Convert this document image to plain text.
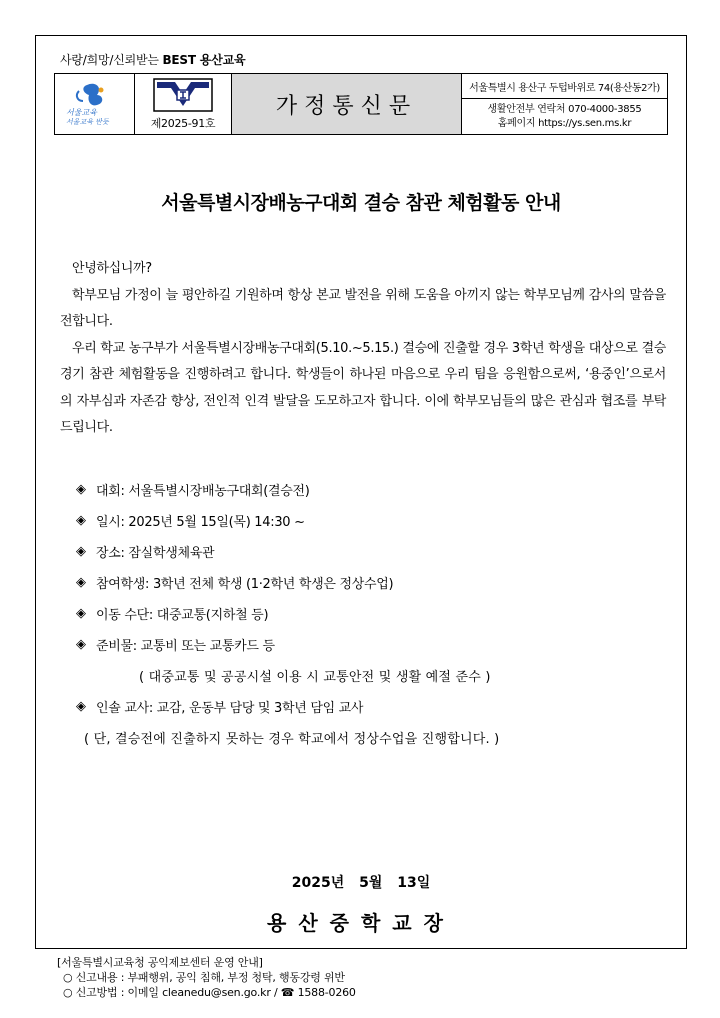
사랑/희망/신뢰받는 BEST 용산교육
서울교육
서울교육 반듯	제2025-91호
가정통신문
서울특별시 용산구 두텁바위로 74(용산동2가)
생활안전부 연락처 070-4000-3855
홈페이지 https://ys.sen.ms.kr
서울특별시장배농구대회 결승 참관 체험활동 안내

안녕하십니까?

학부모님 가정이 늘 평안하길 기원하며 항상 본교 발전을 위해 도움을 아끼지 않는 학부모님께 감사의 말씀을 전합니다.

우리 학교 농구부가 서울특별시장배농구대회(5.10.~5.15.) 결승에 진출할 경우 3학년 학생을 대상으로 결승 경기 참관 체험활동을 진행하려고 합니다. 학생들이 하나된 마음으로 우리 팀을 응원함으로써, ‘용중인’으로서의 자부심과 자존감 향상, 전인적 인격 발달을 도모하고자 합니다. 이에 학부모님들의 많은 관심과 협조를 부탁드립니다.

◈ 대회: 서울특별시장배농구대회(결승전)
◈ 일시: 2025년 5월 15일(목) 14:30 ~
◈ 장소: 잠실학생체육관
◈ 참여학생: 3학년 전체 학생 (1·2학년 학생은 정상수업)
◈ 이동 수단: 대중교통(지하철 등)
◈ 준비물: 교통비 또는 교통카드 등
( 대중교통 및 공공시설 이용 시 교통안전 및 생활 예절 준수 )
◈ 인솔 교사: 교감, 운동부 담당 및 3학년 담임 교사
( 단, 결승전에 진출하지 못하는 경우 학교에서 정상수업을 진행합니다. )
2025년 5월 13일
용산중학교장
[서울특별시교육청 공익제보센터 운영 안내]
○ 신고내용 : 부패행위, 공익 침해, 부정 청탁, 행동강령 위반
○ 신고방법 : 이메일 cleanedu@sen.go.kr / ☎ 1588-0260
